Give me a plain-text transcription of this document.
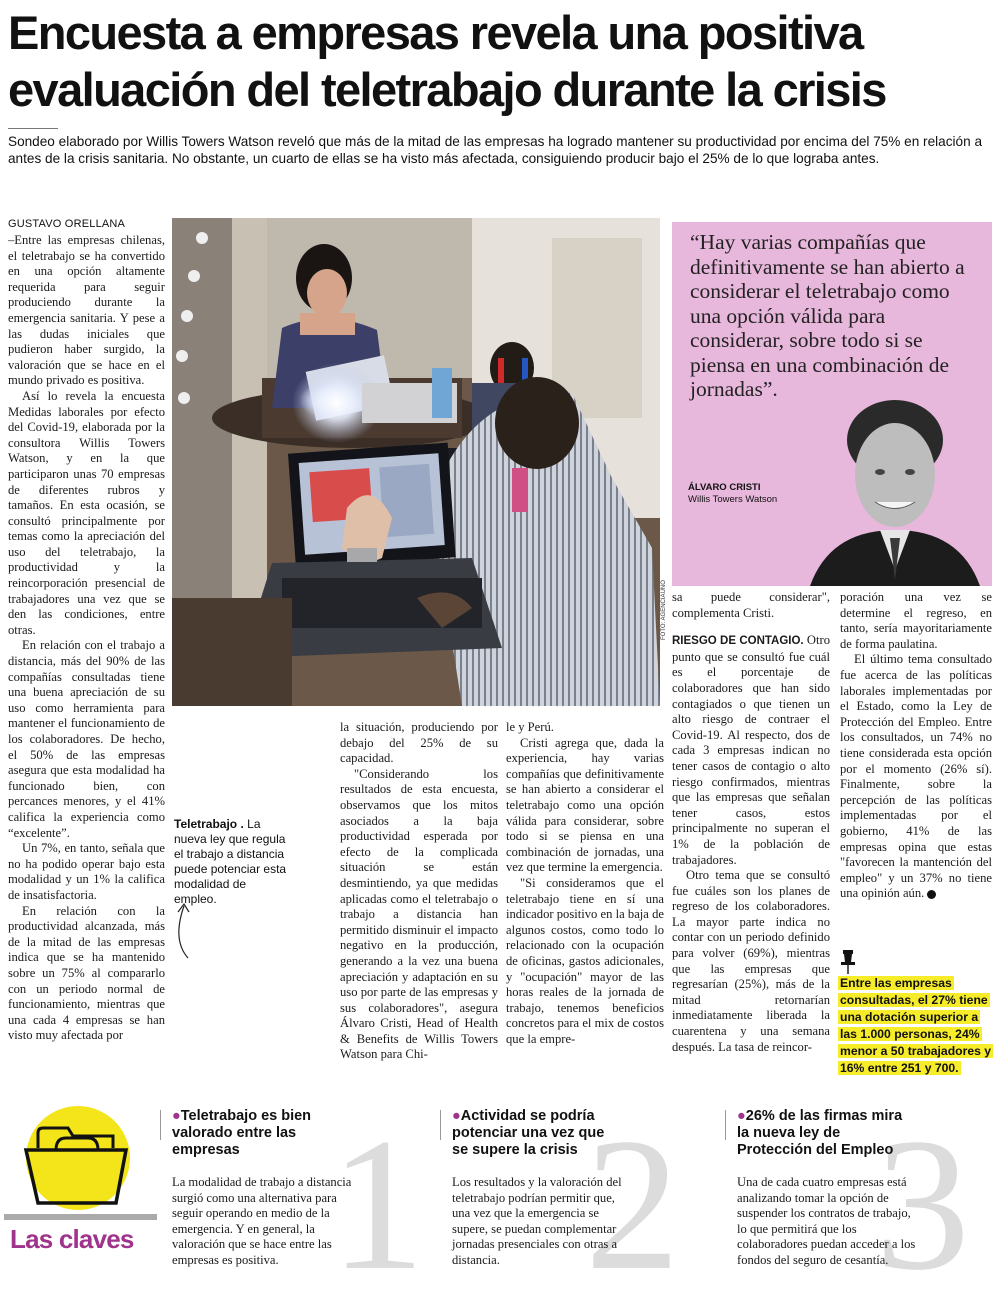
Encuesta a empresas revela una positiva evaluación del teletrabajo durante la crisis

Sondeo elaborado por Willis Towers Watson reveló que más de la mitad de las empresas ha logrado mantener su productividad por encima del 75% en relación a antes de la crisis sanitaria. No obstante, un cuarto de ellas se ha visto más afectada, consiguiendo producir bajo el 25% de lo que lograba antes.

GUSTAVO ORELLANA

–Entre las empresas chilenas, el teletrabajo se ha convertido en una opción altamente requerida para seguir produciendo durante la emergencia sanitaria. Y pese a las dudas iniciales que pudieron haber surgido, la valoración que se hace en el mundo privado es positiva.

Así lo revela la encuesta Medidas laborales por efecto del Covid-19, elaborada por la consultora Willis Towers Watson, y en la que participaron unas 70 empresas de diferentes rubros y tamaños. En esta ocasión, se consultó principalmente por temas como la apreciación del uso del teletrabajo, la productividad y la reincorporación presencial de trabajadores una vez que se den las condiciones, entre otras.

En relación con el trabajo a distancia, más del 90% de las compañías consultadas tiene una buena apreciación de su uso como herramienta para mantener el funcionamiento de los colaboradores. De hecho, el 50% de las empresas asegura que esta modalidad ha funcionado bien, con percances menores, y el 41% califica la experiencia como “excelente”.

Un 7%, en tanto, señala que no ha podido operar bajo esta modalidad y un 1% la califica de insatisfactoria.

En relación con la productividad alcanzada, más de la mitad de las empresas indica que se ha mantenido sobre un 75% al compararlo con un periodo normal de funcionamiento, mientras que una cada 4 empresas se han visto muy afectada por

FOTO: AGENCIAUNO
Teletrabajo . La nueva ley que regula el trabajo a distancia puede potenciar esta modalidad de empleo.

la situación, produciendo por debajo del 25% de su capacidad.

"Considerando los resultados de esta encuesta, observamos que los mitos asociados a la baja productividad esperada por efecto de la complicada situación se están desmintiendo, ya que medidas aplicadas como el teletrabajo o trabajo a distancia han permitido disminuir el impacto negativo en la producción, generando a la vez una buena apreciación y adaptación en su uso por parte de las empresas y sus colaboradores", asegura Álvaro Cristi, Head of Health & Benefits de Willis Towers Watson para Chi-

le y Perú.

Cristi agrega que, dada la experiencia, hay varias compañías que definitivamente se han abierto a considerar el teletrabajo como una opción válida para considerar, sobre todo si se piensa en una combinación de jornadas, una vez que termine la emergencia.

"Si consideramos que el teletrabajo tiene en sí una indicador positivo en la baja de algunos costos, como todo lo relacionado con la ocupación de oficinas, gastos adicionales, y "ocupación" mayor de las horas reales de la jornada de trabajo, tenemos beneficios concretos para el mix de costos que la empre-

“Hay varias compañías que definitivamente se han abierto a considerar el teletrabajo como una opción válida para considerar, sobre todo si se piensa en una combinación de jornadas”.
ÁLVARO CRISTI
Willis Towers Watson

sa puede considerar", complementa Cristi.

RIESGO DE CONTAGIO. Otro punto que se consultó fue cuál es el porcentaje de colaboradores que han sido contagiados o que tienen un alto riesgo de contraer el Covid-19. Al respecto, dos de cada 3 empresas indican no tener casos de contagio o alto riesgo confirmados, mientras que las empresas que señalan tener casos, estos principalmente no superan el 1% de la población de trabajadores.

Otro tema que se consultó fue cuáles son los planes de regreso de los colaboradores. La mayor parte indica no contar con un periodo definido para volver (69%), mientras que las empresas que regresarían (25%), más de la mitad retornarían inmediatamente liberada la cuarentena y una semana después. La tasa de reincor-

poración una vez se determine el regreso, en tanto, sería mayoritariamente de forma paulatina.

El último tema consultado fue acerca de las políticas laborales implementadas por el Estado, como la Ley de Protección del Empleo. Entre los consultados, un 74% no tiene considerada esta opción por el momento (26% sí). Finalmente, sobre la percepción de las políticas implementadas por el gobierno, 41% de las empresas opina que estas "favorecen la mantención del empleo" y un 37% no tiene una opinión aún. P

Entre las empresas consultadas, el 27% tiene una dotación superior a las 1.000 personas, 24% menor a 50 trabajadores y 16% entre 251 y 700.
Las claves 1
●Teletrabajo es bien valorado entre las empresas
La modalidad de trabajo a distancia surgió como una alternativa para seguir operando en medio de la emergencia. Y en general, la valoración que se hace entre las empresas es positiva.	2
●Actividad se podría potenciar una vez que se supere la crisis
Los resultados y la valoración del teletrabajo podrían permitir que, una vez que la emergencia se supere, se puedan complementar jornadas presenciales con otras a distancia.	3
●26% de las firmas mira la nueva ley de Protección del Empleo
Una de cada cuatro empresas está analizando tomar la opción de suspender los contratos de trabajo, lo que permitirá que los colaboradores puedan acceder a los fondos del seguro de cesantía.
